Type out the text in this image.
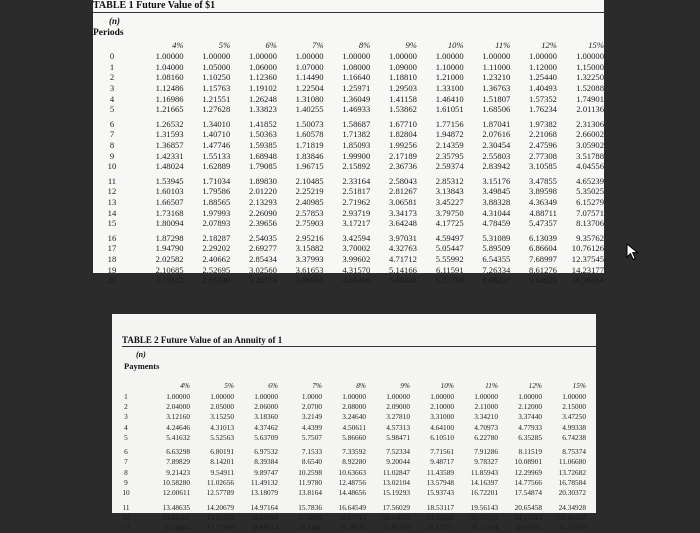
TABLE 1 Future Value of $1
(n)
Periods
	4%	5%	6%	7%	8%	9%	10%	11%	12%	15%
0	1.00000	1.00000	1.00000	1.00000	1.00000	1.00000	1.00000	1.00000	1.00000	1.00000
1	1.04000	1.05000	1.06000	1.07000	1.08000	1.09000	1.10000	1.11000	1.12000	1.15000
2	1.08160	1.10250	1.12360	1.14490	1.16640	1.18810	1.21000	1.23210	1.25440	1.32250
3	1.12486	1.15763	1.19102	1.22504	1.25971	1.29503	1.33100	1.36763	1.40493	1.52088
4	1.16986	1.21551	1.26248	1.31080	1.36049	1.41158	1.46410	1.51807	1.57352	1.74901
5	1.21665	1.27628	1.33823	1.40255	1.46933	1.53862	1.61051	1.68506	1.76234	2.01136
6	1.26532	1.34010	1.41852	1.50073	1.58687	1.67710	1.77156	1.87041	1.97382	2.31306
7	1.31593	1.40710	1.50363	1.60578	1.71382	1.82804	1.94872	2.07616	2.21068	2.66002
8	1.36857	1.47746	1.59385	1.71819	1.85093	1.99256	2.14359	2.30454	2.47596	3.05902
9	1.42331	1.55133	1.68948	1.83846	1.99900	2.17189	2.35795	2.55803	2.77308	3.51788
10	1.48024	1.62889	1.79085	1.96715	2.15892	2.36736	2.59374	2.83942	3.10585	4.04556
11	1.53945	1.71034	1.89830	2.10485	2.33164	2.58043	2.85312	3.15176	3.47855	4.65239
12	1.60103	1.79586	2.01220	2.25219	2.51817	2.81267	3.13843	3.49845	3.89598	5.35025
13	1.66507	1.88565	2.13293	2.40985	2.71962	3.06581	3.45227	3.88328	4.36349	6.15279
14	1.73168	1.97993	2.26090	2.57853	2.93719	3.34173	3.79750	4.31044	4.88711	7.07571
15	1.80094	2.07893	2.39656	2.75903	3.17217	3.64248	4.17725	4.78459	5.47357	8.13706
16	1.87298	2.18287	2.54035	2.95216	3.42594	3.97031	4.59497	5.31089	6.13039	9.35762
17	1.94790	2.29202	2.69277	3.15882	3.70002	4.32763	5.05447	5.89509	6.86604	10.76126
18	2.02582	2.40662	2.85434	3.37993	3.99602	4.71712	5.55992	6.54355	7.68997	12.37545
19	2.10685	2.52695	3.02560	3.61653	4.31570	5.14166	6.11591	7.26334	8.61276	14.23177
20	2.19112	2.65330	3.20714	3.86968	4.66096	5.60441	6.72750	8.06231	9.64629	16.36654
TABLE 2 Future Value of an Annuity of 1
(n)
Payments
	4%	5%	6%	7%	8%	9%	10%	11%	12%	15%
1	1.00000	1.00000	1.00000	1.0000	1.00000	1.00000	1.00000	1.00000	1.00000	1.00000
2	2.04000	2.05000	2.06000	2.0700	2.08000	2.09000	2.10000	2.11000	2.12000	2.15000
3	3.12160	3.15250	3.18360	3.2149	3.24640	3.27810	3.31000	3.34210	3.37440	3.47250
4	4.24646	4.31013	4.37462	4.4399	4.50611	4.57313	4.64100	4.70973	4.77933	4.99338
5	5.41632	5.52563	5.63709	5.7507	5.86660	5.98471	6.10510	6.22780	6.35285	6.74238
6	6.63298	6.80191	6.97532	7.1533	7.33592	7.52334	7.71561	7.91286	8.11519	8.75374
7	7.89829	8.14201	8.39384	8.6540	8.92280	9.20044	9.48717	9.78327	10.08901	11.06680
8	9.21423	9.54911	9.89747	10.2598	10.63663	11.02847	11.43589	11.85943	12.29969	13.72682
9	10.58280	11.02656	11.49132	11.9780	12.48756	13.02104	13.57948	14.16397	14.77566	16.78584
10	12.00611	12.57789	13.18079	13.8164	14.48656	15.19293	15.93743	16.72201	17.54874	20.30372
11	13.48635	14.20679	14.97164	15.7836	16.64549	17.56029	18.53117	19.56143	20.65458	24.34928
12	15.02581	15.91713	16.86994	17.8885	18.97713	20.14072	21.38428	22.71319	24.13313	29.00167
13	16.62684	17.71298	18.88214	20.1406	21.49530	22.95339	24.52271	26.21164	28.02911	34.35192
